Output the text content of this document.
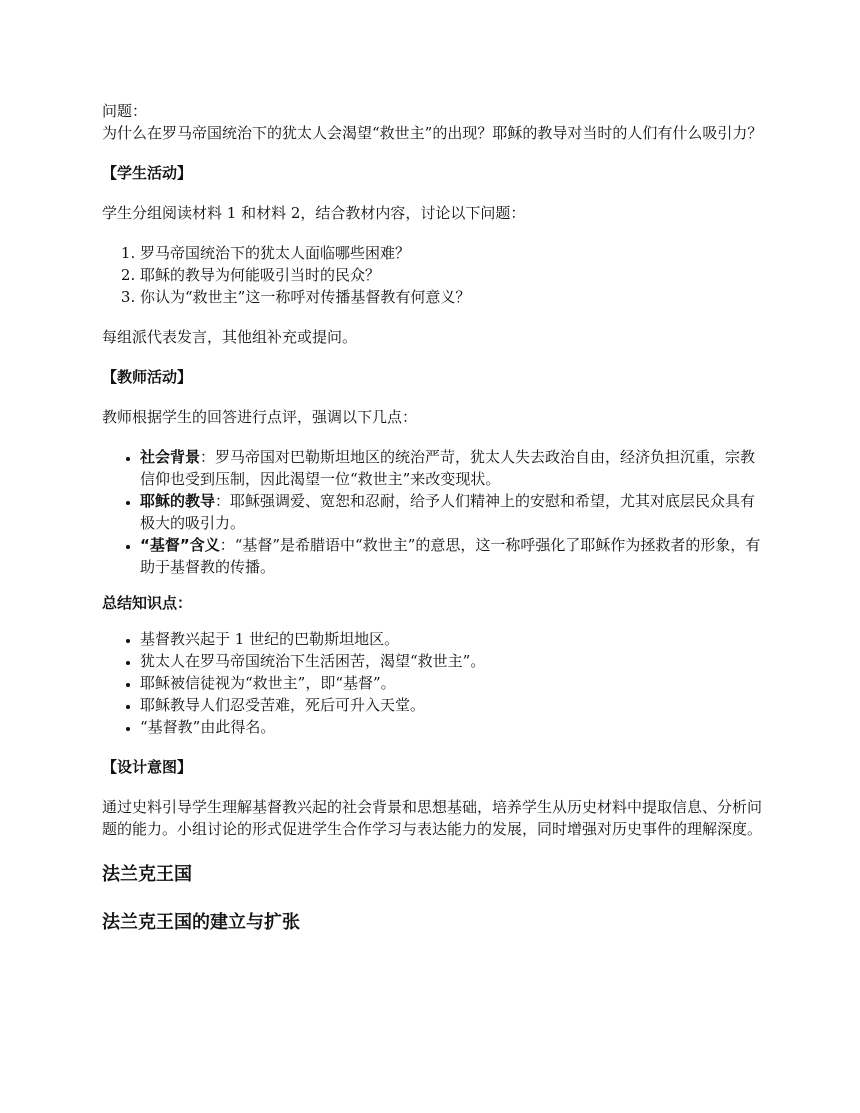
问题：

为什么在罗马帝国统治下的犹太人会渴望“救世主”的出现？耶稣的教导对当时的人们有什么吸引力？

【学生活动】

学生分组阅读材料 1 和材料 2，结合教材内容，讨论以下问题：

1. 罗马帝国统治下的犹太人面临哪些困难？
2. 耶稣的教导为何能吸引当时的民众？
3. 你认为“救世主”这一称呼对传播基督教有何意义？

每组派代表发言，其他组补充或提问。

【教师活动】

教师根据学生的回答进行点评，强调以下几点：

• 社会背景：罗马帝国对巴勒斯坦地区的统治严苛，犹太人失去政治自由，经济负担沉重，宗教信仰也受到压制，因此渴望一位“救世主”来改变现状。
• 耶稣的教导：耶稣强调爱、宽恕和忍耐，给予人们精神上的安慰和希望，尤其对底层民众具有极大的吸引力。
• “基督”含义：“基督”是希腊语中“救世主”的意思，这一称呼强化了耶稣作为拯救者的形象，有助于基督教的传播。
总结知识点：
• 基督教兴起于 1 世纪的巴勒斯坦地区。
• 犹太人在罗马帝国统治下生活困苦，渴望“救世主”。
• 耶稣被信徒视为“救世主”，即“基督”。
• 耶稣教导人们忍受苦难，死后可升入天堂。
• “基督教”由此得名。
【设计意图】

通过史料引导学生理解基督教兴起的社会背景和思想基础，培养学生从历史材料中提取信息、分析问题的能力。小组讨论的形式促进学生合作学习与表达能力的发展，同时增强对历史事件的理解深度。

法兰克王国
法兰克王国的建立与扩张
